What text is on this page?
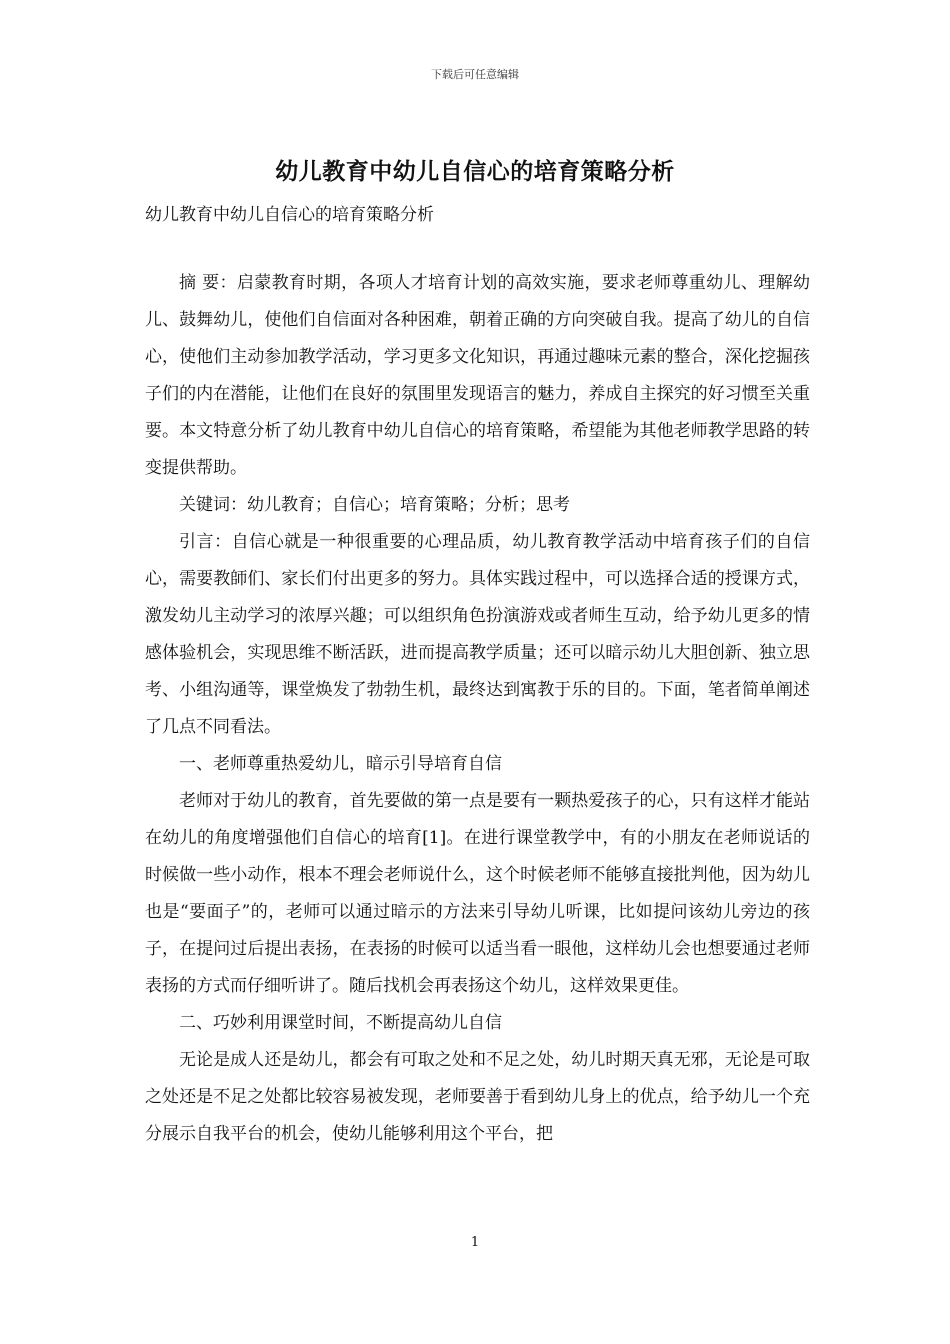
下载后可任意编辑
幼儿教育中幼儿自信心的培育策略分析
幼儿教育中幼儿自信心的培育策略分析

摘 要：启蒙教育时期，各项人才培育计划的高效实施，要求老师尊重幼儿、理解幼儿、鼓舞幼儿，使他们自信面对各种困难，朝着正确的方向突破自我。提高了幼儿的自信心，使他们主动参加教学活动，学习更多文化知识，再通过趣味元素的整合，深化挖掘孩子们的内在潜能，让他们在良好的氛围里发现语言的魅力，养成自主探究的好习惯至关重要。本文特意分析了幼儿教育中幼儿自信心的培育策略，希望能为其他老师教学思路的转变提供帮助。

关键词：幼儿教育；自信心；培育策略；分析；思考

引言：自信心就是一种很重要的心理品质，幼儿教育教学活动中培育孩子们的自信心，需要教師们、家长们付出更多的努力。具体实践过程中，可以选择合适的授课方式，激发幼儿主动学习的浓厚兴趣；可以组织角色扮演游戏或者师生互动，给予幼儿更多的情感体验机会，实现思维不断活跃，进而提高教学质量；还可以暗示幼儿大胆创新、独立思考、小组沟通等，课堂焕发了勃勃生机，最终达到寓教于乐的目的。下面，笔者简单阐述了几点不同看法。

一、老师尊重热爱幼儿，暗示引导培育自信

老师对于幼儿的教育，首先要做的第一点是要有一颗热爱孩子的心，只有这样才能站在幼儿的角度增强他们自信心的培育[1]。在进行课堂教学中，有的小朋友在老师说话的时候做一些小动作，根本不理会老师说什么，这个时候老师不能够直接批判他，因为幼儿也是“要面子”的，老师可以通过暗示的方法来引导幼儿听课，比如提问该幼儿旁边的孩子，在提问过后提出表扬，在表扬的时候可以适当看一眼他，这样幼儿会也想要通过老师表扬的方式而仔细听讲了。随后找机会再表扬这个幼儿，这样效果更佳。

二、巧妙利用课堂时间，不断提高幼儿自信

无论是成人还是幼儿，都会有可取之处和不足之处，幼儿时期天真无邪，无论是可取之处还是不足之处都比较容易被发现，老师要善于看到幼儿身上的优点，给予幼儿一个充分展示自我平台的机会，使幼儿能够利用这个平台，把

1
